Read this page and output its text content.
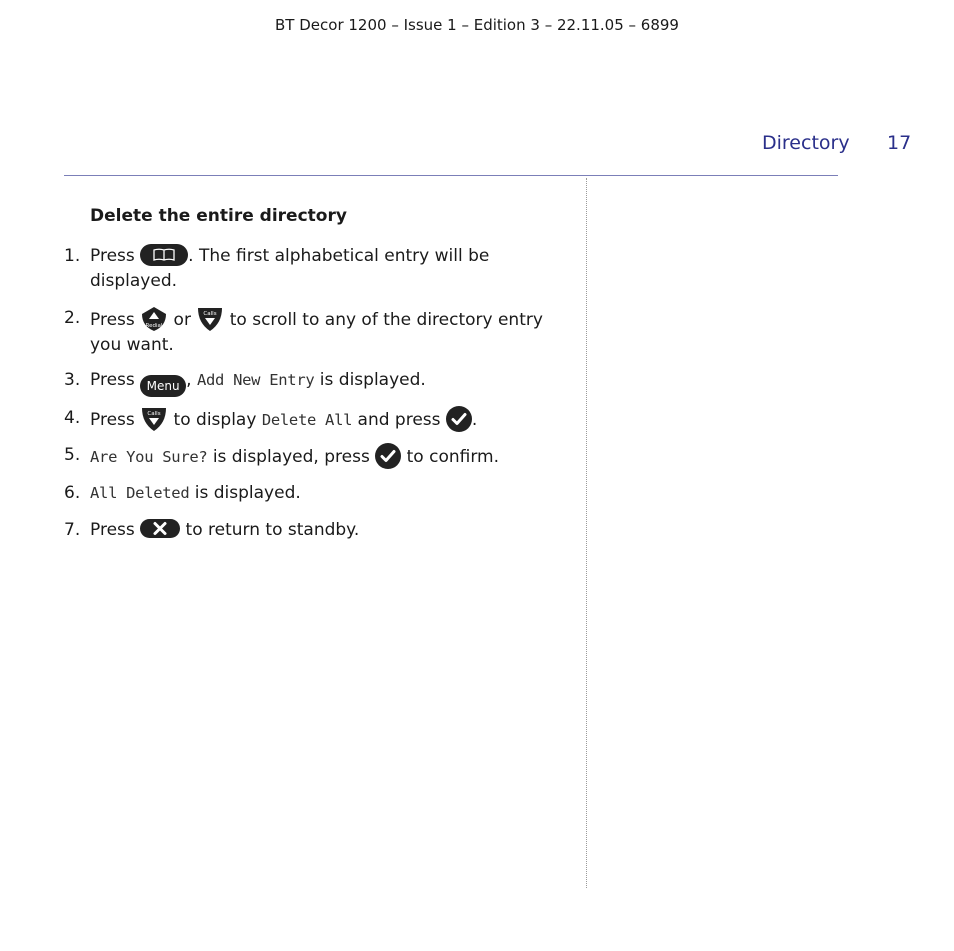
BT Decor 1200 – Issue 1 – Edition 3 – 22.11.05 – 6899
Directory 17
Delete the entire directory
1. Press	. The first alphabetical entry will be displayed.
2. Press Redial or Calls to scroll to any of the directory entry you want.
3. Press Menu , Add New Entry is displayed.
4. Press Calls to display Delete All and press
.
5. Are You Sure? is displayed, press
to confirm.
6. All Deleted is displayed.
7. Press
to return to standby.
